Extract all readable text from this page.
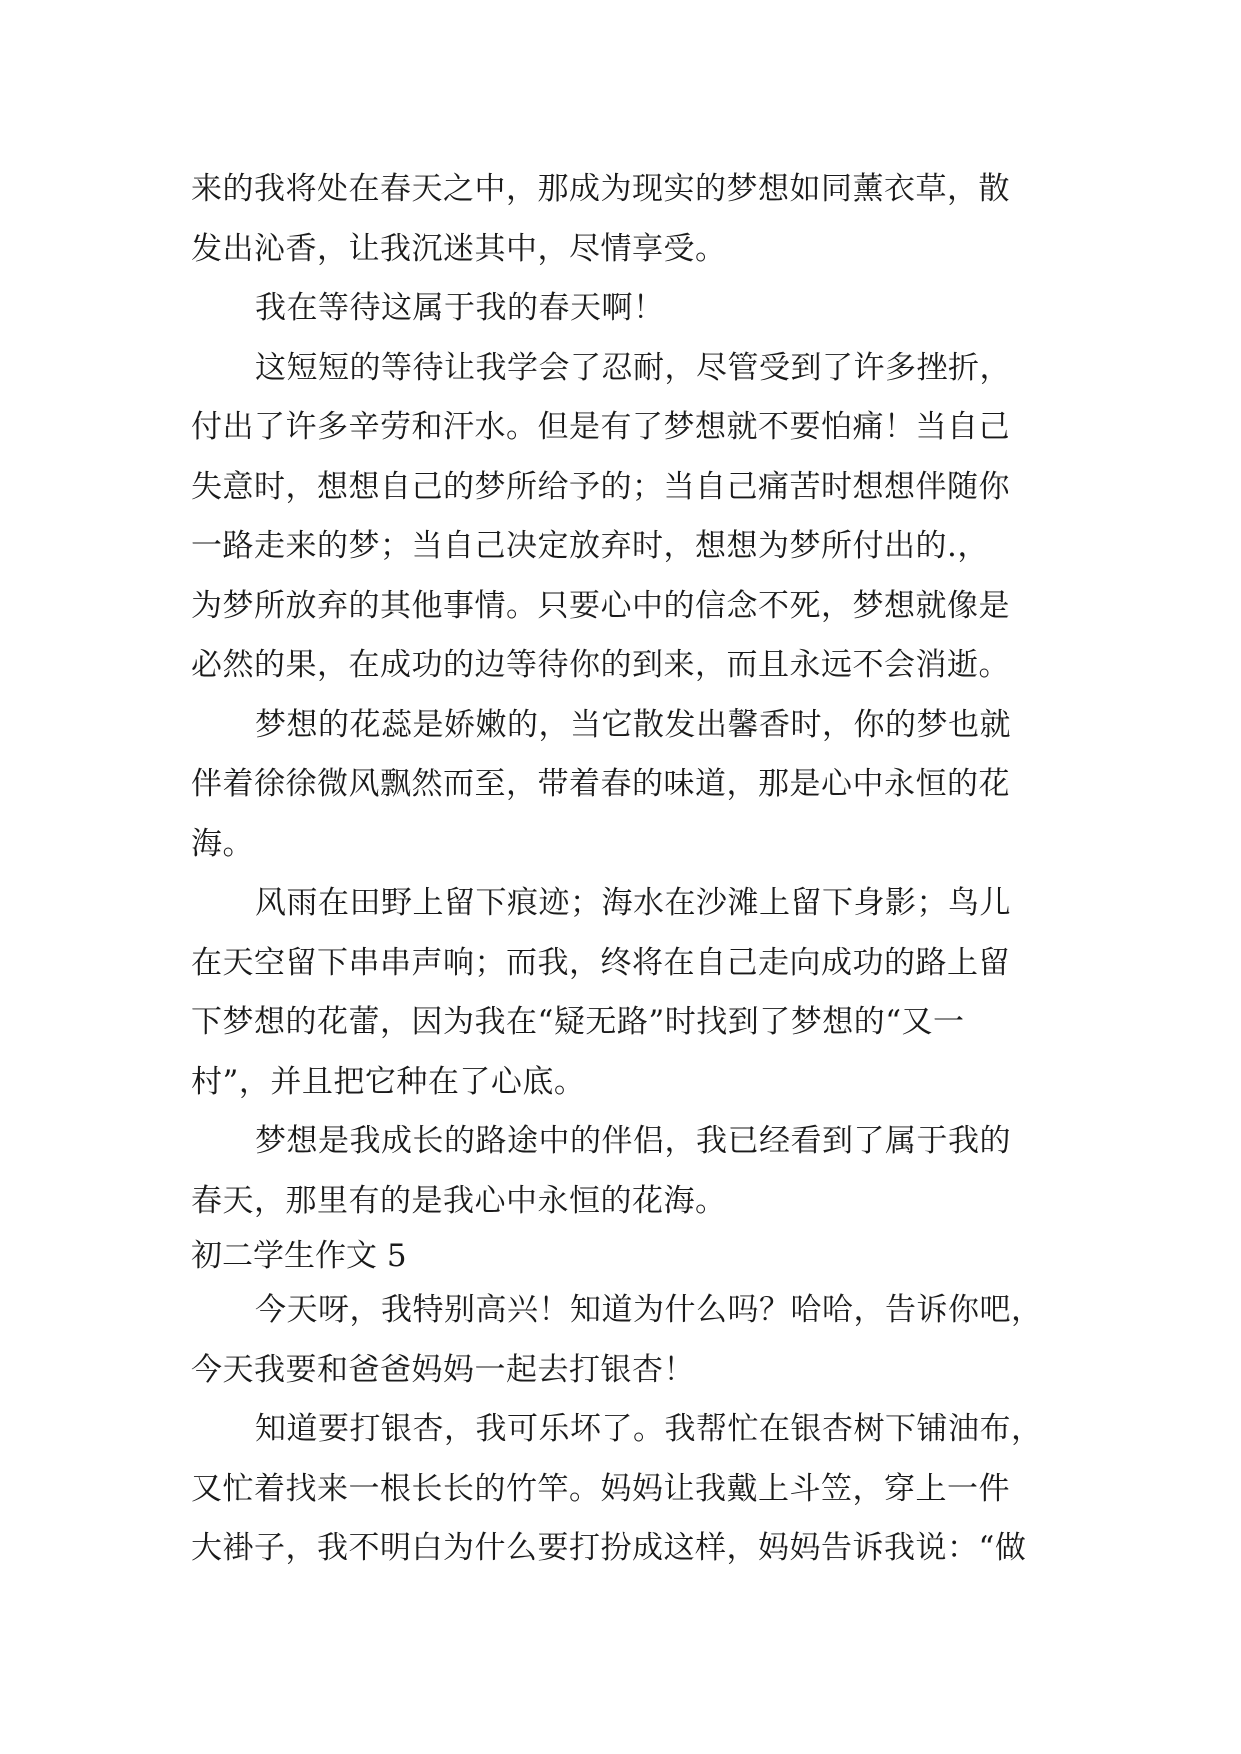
来的我将处在春天之中，那成为现实的梦想如同薰衣草，散
发出沁香，让我沉迷其中，尽情享受。
我在等待这属于我的春天啊！
这短短的等待让我学会了忍耐，尽管受到了许多挫折，
付出了许多辛劳和汗水。但是有了梦想就不要怕痛！当自己
失意时，想想自己的梦所给予的；当自己痛苦时想想伴随你
一路走来的梦；当自己决定放弃时，想想为梦所付出的.，
为梦所放弃的其他事情。只要心中的信念不死，梦想就像是
必然的果，在成功的边等待你的到来，而且永远不会消逝。
梦想的花蕊是娇嫩的，当它散发出馨香时，你的梦也就
伴着徐徐微风飘然而至，带着春的味道，那是心中永恒的花
海。
风雨在田野上留下痕迹；海水在沙滩上留下身影；鸟儿
在天空留下串串声响；而我，终将在自己走向成功的路上留
下梦想的花蕾，因为我在“疑无路”时找到了梦想的“又一
村”，并且把它种在了心底。
梦想是我成长的路途中的伴侣，我已经看到了属于我的
春天，那里有的是我心中永恒的花海。
初二学生作文 5
今天呀，我特别高兴！知道为什么吗？哈哈，告诉你吧，
今天我要和爸爸妈妈一起去打银杏！
知道要打银杏，我可乐坏了。我帮忙在银杏树下铺油布，
又忙着找来一根长长的竹竿。妈妈让我戴上斗笠，穿上一件
大褂子，我不明白为什么要打扮成这样，妈妈告诉我说：“做
